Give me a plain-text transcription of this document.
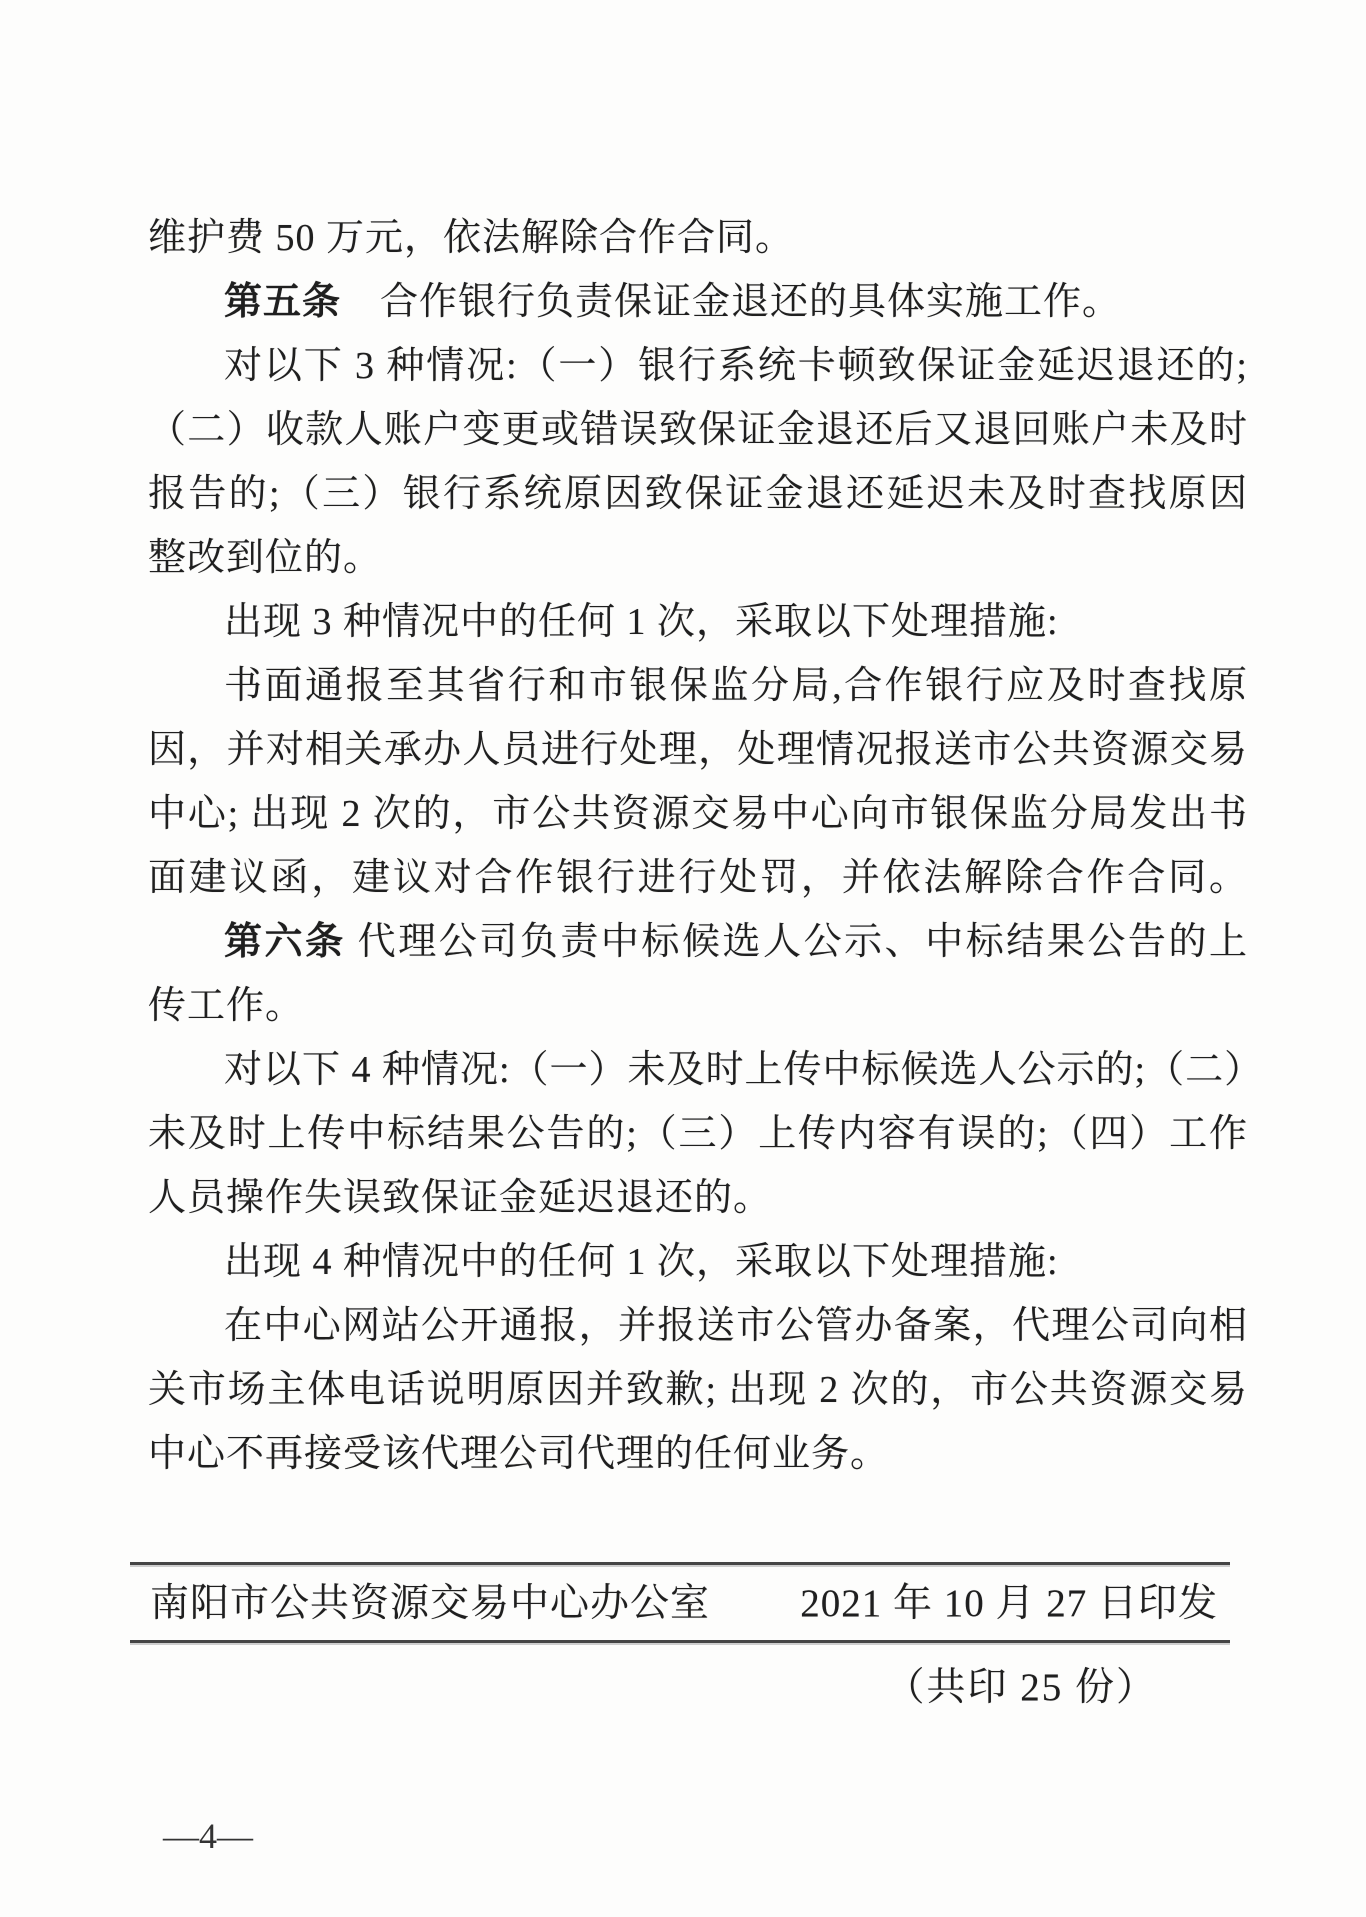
维护费 50 万元，依法解除合作合同。
第五条　合作银行负责保证金退还的具体实施工作。
对以下 3 种情况:（一）银行系统卡顿致保证金延迟退还的;
（二）收款人账户变更或错误致保证金退还后又退回账户未及时
报告的;（三）银行系统原因致保证金退还延迟未及时查找原因
整改到位的。
出现 3 种情况中的任何 1 次，采取以下处理措施:
书面通报至其省行和市银保监分局,合作银行应及时查找原
因，并对相关承办人员进行处理，处理情况报送市公共资源交易
中心; 出现 2 次的，市公共资源交易中心向市银保监分局发出书
面建议函，建议对合作银行进行处罚，并依法解除合作合同。
第六条 代理公司负责中标候选人公示、中标结果公告的上
传工作。
对以下 4 种情况:（一）未及时上传中标候选人公示的;（二）
未及时上传中标结果公告的;（三）上传内容有误的;（四）工作
人员操作失误致保证金延迟退还的。
出现 4 种情况中的任何 1 次，采取以下处理措施:
在中心网站公开通报，并报送市公管办备案，代理公司向相
关市场主体电话说明原因并致歉; 出现 2 次的，市公共资源交易
中心不再接受该代理公司代理的任何业务。
南阳市公共资源交易中心办公室 2021 年 10 月 27 日印发
（共印 25 份）
—4—
